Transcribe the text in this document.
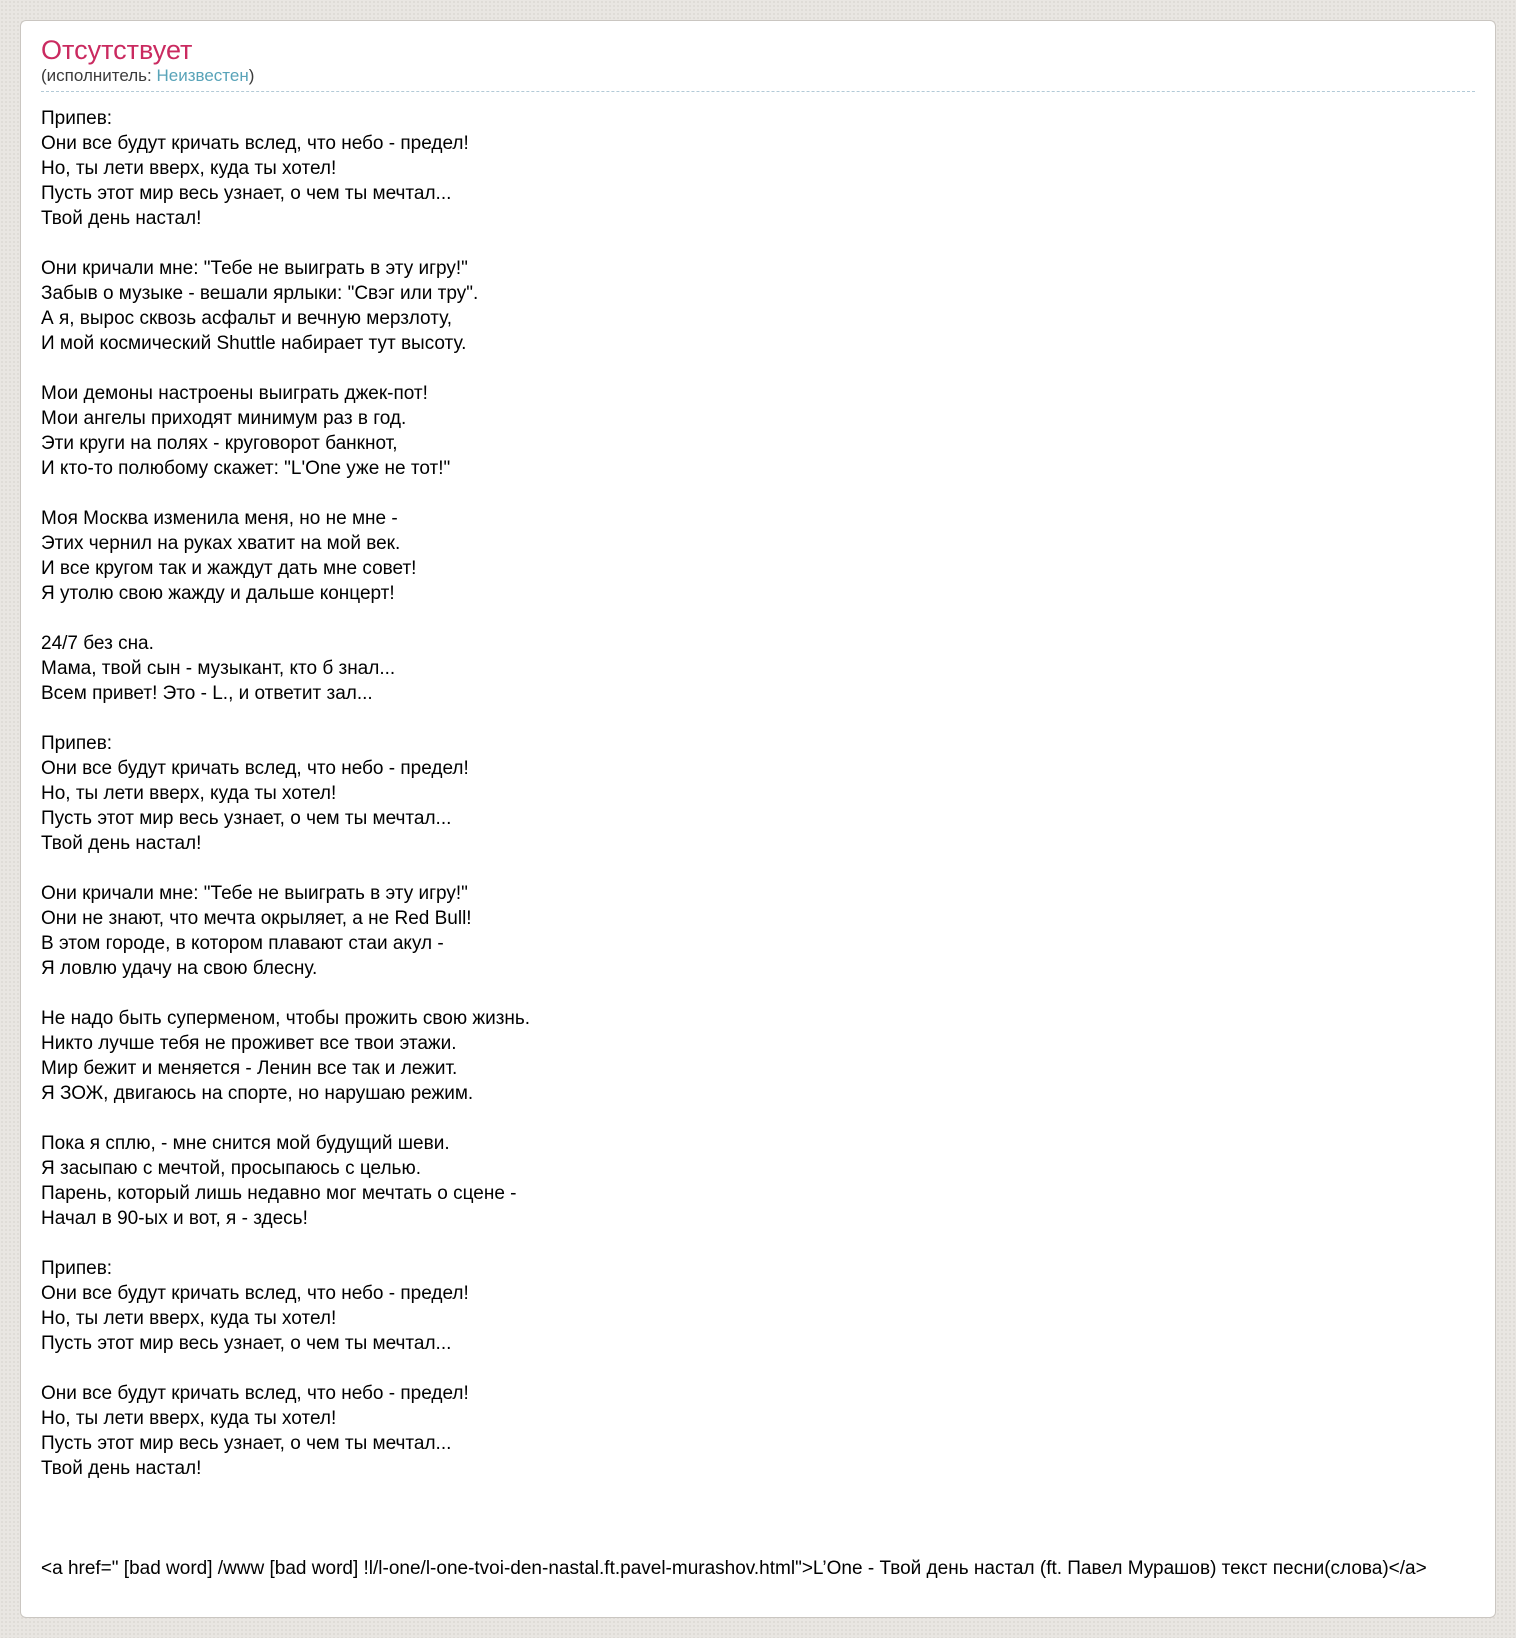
Отсутствует
(исполнитель: Неизвестен)
Припев:
Они все будут кричать вслед, что небо - предел!
Но, ты лети вверх, куда ты хотел!
Пусть этот мир весь узнает, о чем ты мечтал...
Твой день настал!
Они кричали мне: "Тебе не выиграть в эту игру!"
Забыв о музыке - вешали ярлыки: "Свэг или тру".
А я, вырос сквозь асфальт и вечную мерзлоту,
И мой космический Shuttle набирает тут высоту.
Мои демоны настроены выиграть джек-пот!
Мои ангелы приходят минимум раз в год.
Эти круги на полях - круговорот банкнот,
И кто-то полюбому скажет: "L'One уже не тот!"
Моя Москва изменила меня, но не мне -
Этих чернил на руках хватит на мой век.
И все кругом так и жаждут дать мне совет!
Я утолю свою жажду и дальше концерт!
24/7 без сна.
Мама, твой сын - музыкант, кто б знал...
Всем привет! Это - L., и ответит зал...
Припев:
Они все будут кричать вслед, что небо - предел!
Но, ты лети вверх, куда ты хотел!
Пусть этот мир весь узнает, о чем ты мечтал...
Твой день настал!
Они кричали мне: "Тебе не выиграть в эту игру!"
Они не знают, что мечта окрыляет, а не Red Bull!
В этом городе, в котором плавают стаи акул -
Я ловлю удачу на свою блесну.
Не надо быть суперменом, чтобы прожить свою жизнь.
Никто лучше тебя не проживет все твои этажи.
Мир бежит и меняется - Ленин все так и лежит.
Я ЗОЖ, двигаюсь на спорте, но нарушаю режим.
Пока я сплю, - мне снится мой будущий шеви.
Я засыпаю с мечтой, просыпаюсь с целью.
Парень, который лишь недавно мог мечтать о сцене -
Начал в 90-ых и вот, я - здесь!
Припев:
Они все будут кричать вслед, что небо - предел!
Но, ты лети вверх, куда ты хотел!
Пусть этот мир весь узнает, о чем ты мечтал...
Они все будут кричать вслед, что небо - предел!
Но, ты лети вверх, куда ты хотел!
Пусть этот мир весь узнает, о чем ты мечтал...
Твой день настал!
<a href=" [bad word] /www [bad word] !l/l-one/l-one-tvoi-den-nastal.ft.pavel-murashov.html">L’One - Твой день настал (ft. Павел Мурашов) текст песни(слова)</a>
